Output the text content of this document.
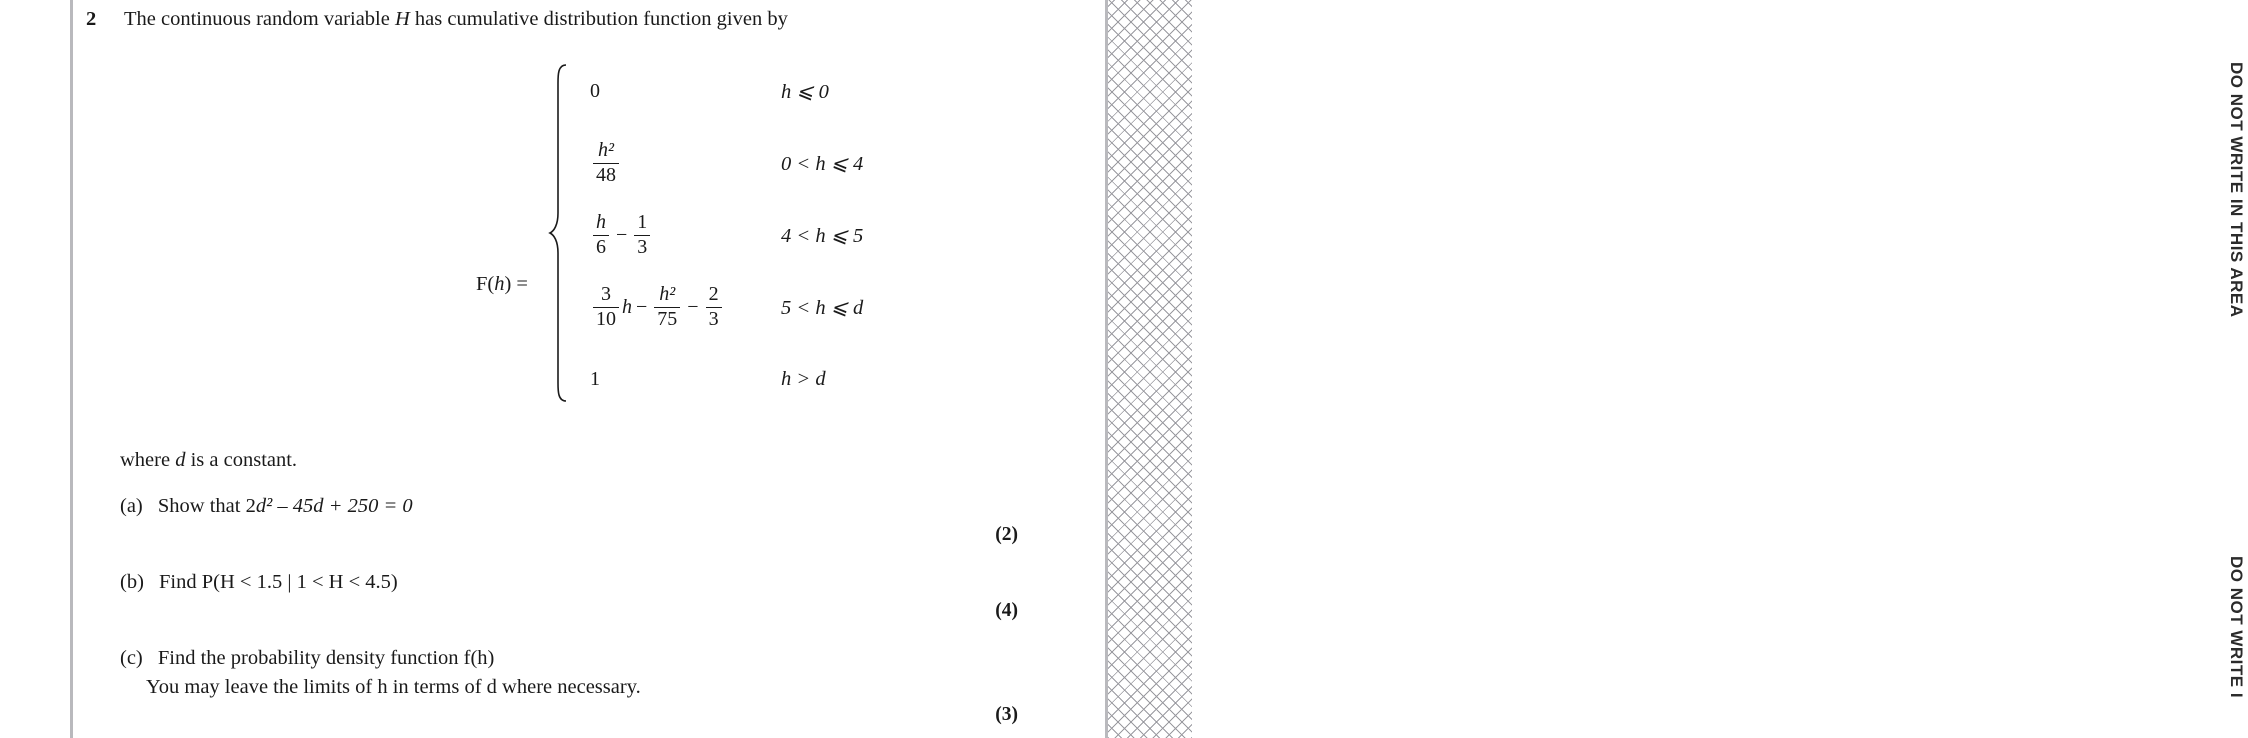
DO NOT WRITE IN THIS AREA
DO NOT WRITE I
2 The continuous random variable H has cumulative distribution function given by
F(h) =
0	h ⩽ 0
$\frac{\text{h²}}{48}$	0 < h ⩽ 4
$\frac{h}{6} - \frac{1}{3}$	4 < h ⩽ 5
$\frac{3}{10}$ $h - \frac{\text{h²}}{75} - \frac{2}{3}$	5 < h ⩽ d
1	h > d
where d is a constant.
(a) Show that 2d² – 45d + 250 = 0
(2)
(b) Find P(H < 1.5 | 1 < H < 4.5)
(4)
(c) Find the probability density function f(h)
You may leave the limits of h in terms of d where necessary.
(3)
